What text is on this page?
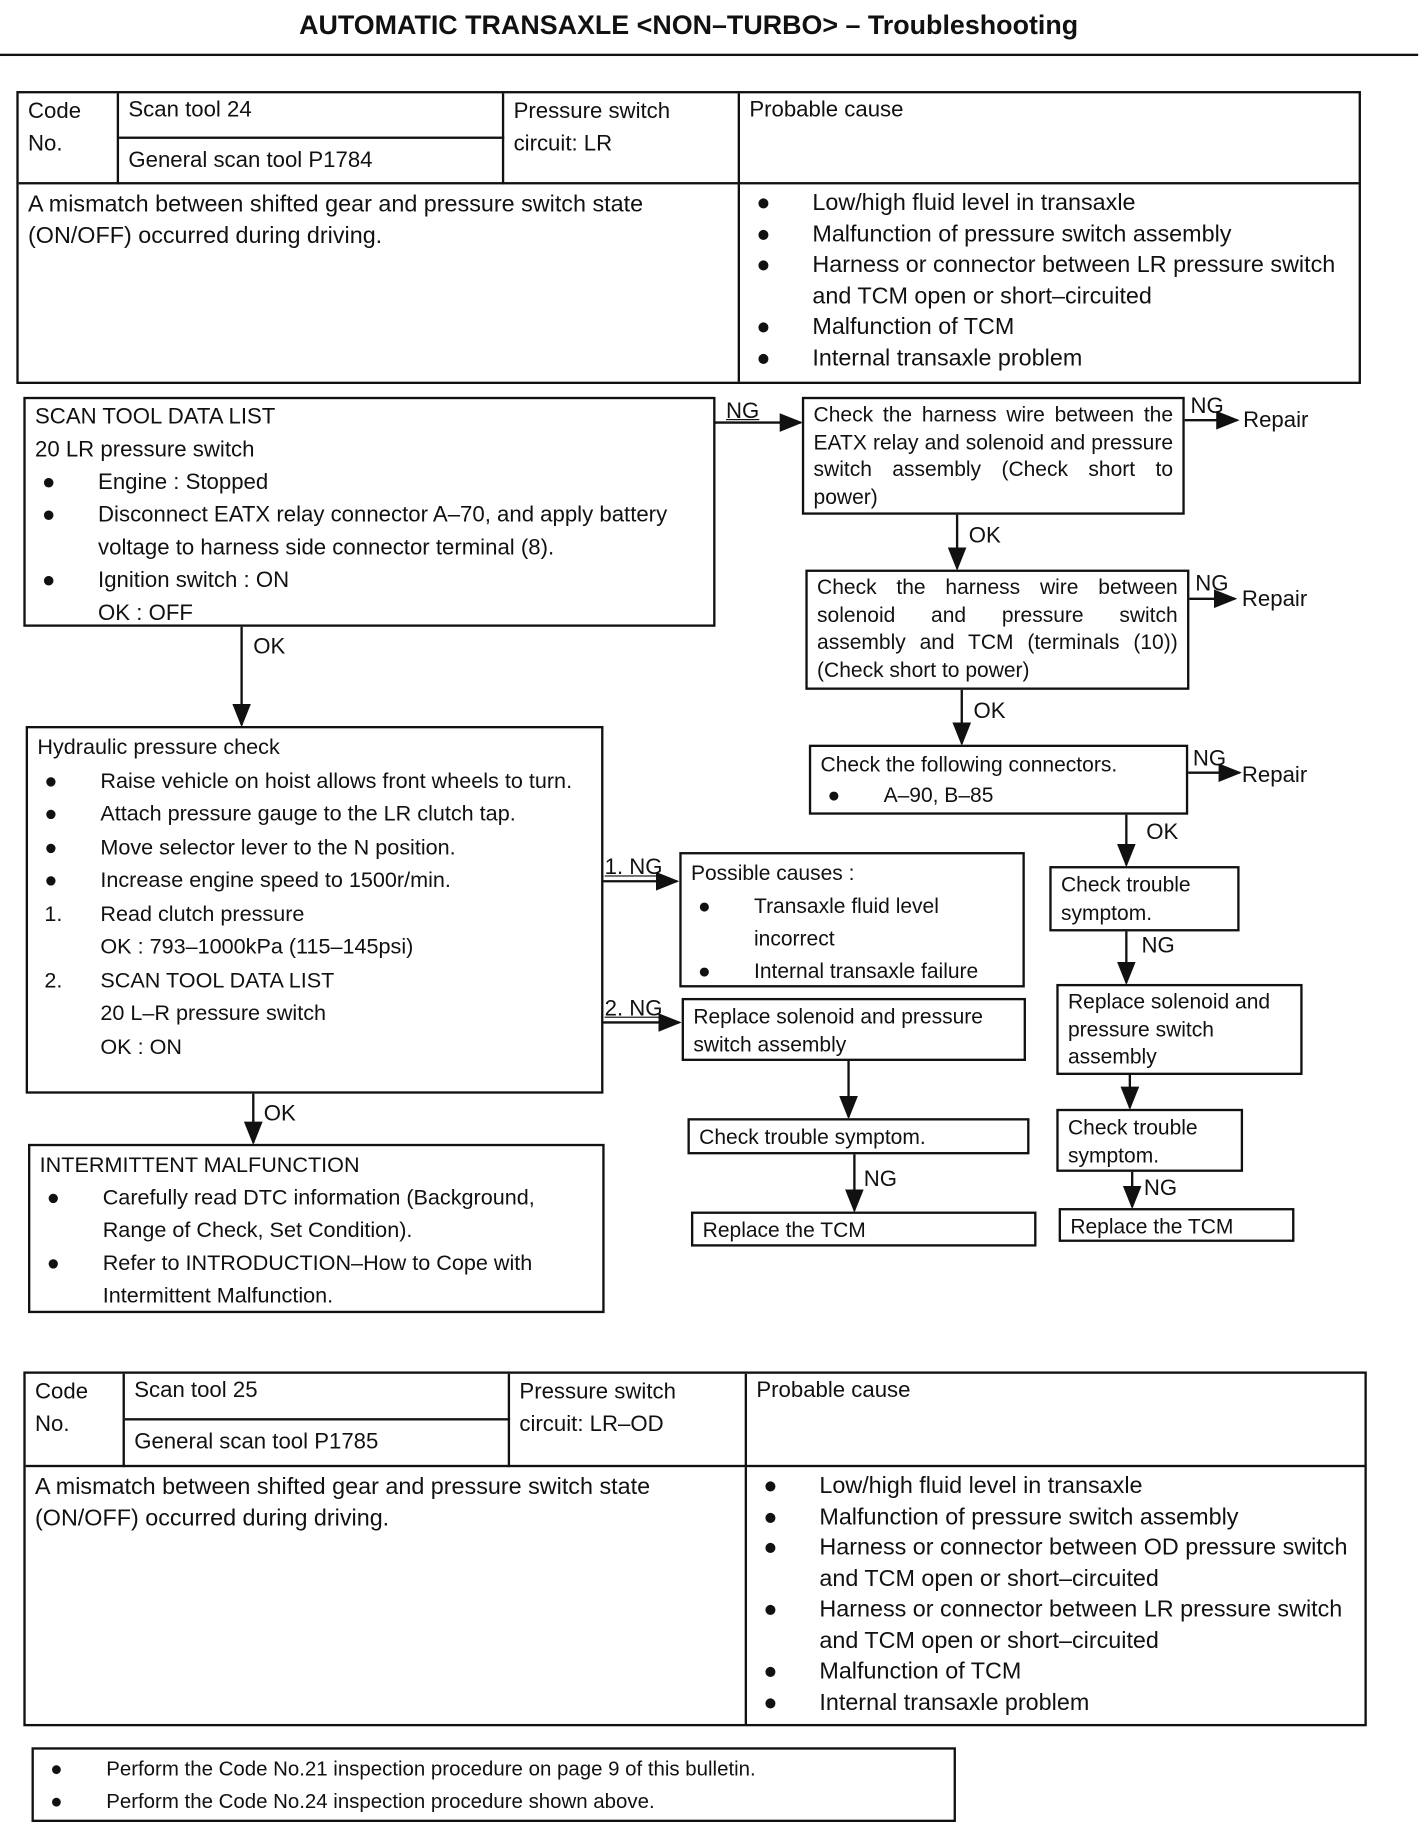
AUTOMATIC TRANSAXLE <NON–TURBO> – Troubleshooting
Code No.
Scan tool 24
General scan tool P1784
Pressure switch circuit: LR
Probable cause
A mismatch between shifted gear and pressure switch state (ON/OFF) occurred during driving.
●	Low/high fluid level in transaxle
●	Malfunction of pressure switch assembly
●	Harness or connector between LR pressure switch and TCM open or short–circuited
●	Malfunction of TCM
●	Internal transaxle problem
NG	NG
Repair
OK
NG
Repair
OK
NG
Repair
OK
NG
NG
OK
1. NG
2. NG
NG
OK
SCAN TOOL DATA LIST
20 LR pressure switch
●	Engine : Stopped
●	Disconnect EATX relay connector A–70, and apply battery voltage to harness side connector terminal (8).
●	Ignition switch : ON
OK : OFF
Check the harness wire between the EATX relay and solenoid and pressure switch assembly (Check short to power)
Check the harness wire between solenoid and pressure switch assembly and TCM (terminals (10)) (Check short to power)
Check the following connectors.
●	A–90, B–85
Check trouble symptom.
Replace solenoid and pressure switch assembly
Check trouble symptom.
Replace the TCM
Hydraulic pressure check
●	Raise vehicle on hoist allows front wheels to turn.
●	Attach pressure gauge to the LR clutch tap.
●	Move selector lever to the N position.
●	Increase engine speed to 1500r/min.
1.	Read clutch pressure
OK : 793–1000kPa (115–145psi)
2.	SCAN TOOL DATA LIST
20 L–R pressure switch
OK : ON
Possible causes :
●	Transaxle fluid level incorrect
●	Internal transaxle failure
Replace solenoid and pressure switch assembly
Check trouble symptom.
Replace the TCM
INTERMITTENT MALFUNCTION
●	Carefully read DTC information (Background, Range of Check, Set Condition).
●	Refer to INTRODUCTION–How to Cope with Intermittent Malfunction.
Code No.
Scan tool 25
General scan tool P1785
Pressure switch circuit: LR–OD
Probable cause
A mismatch between shifted gear and pressure switch state (ON/OFF) occurred during driving.
●	Low/high fluid level in transaxle
●	Malfunction of pressure switch assembly
●	Harness or connector between OD pressure switch and TCM open or short–circuited
●	Harness or connector between LR pressure switch and TCM open or short–circuited
●	Malfunction of TCM
●	Internal transaxle problem
●	Perform the Code No.21 inspection procedure on page 9 of this bulletin.
●	Perform the Code No.24 inspection procedure shown above.
